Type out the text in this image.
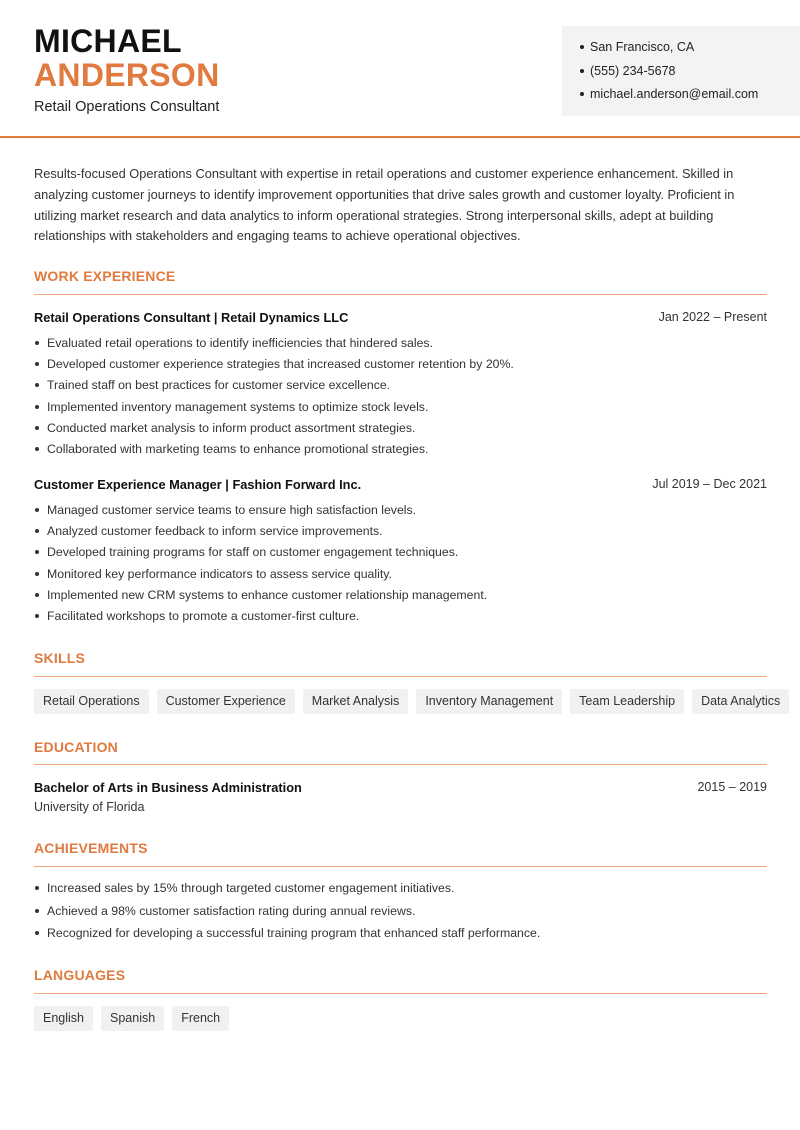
MICHAEL
ANDERSON
Retail Operations Consultant
San Francisco, CA
(555) 234-5678
michael.anderson@email.com

Results-focused Operations Consultant with expertise in retail operations and customer experience enhancement. Skilled in analyzing customer journeys to identify improvement opportunities that drive sales growth and customer loyalty. Proficient in utilizing market research and data analytics to inform operational strategies. Strong interpersonal skills, adept at building relationships with stakeholders and engaging teams to achieve operational objectives.

WORK EXPERIENCE
Retail Operations Consultant | Retail Dynamics LLC	Jan 2022 – Present
Evaluated retail operations to identify inefficiencies that hindered sales.
Developed customer experience strategies that increased customer retention by 20%.
Trained staff on best practices for customer service excellence.
Implemented inventory management systems to optimize stock levels.
Conducted market analysis to inform product assortment strategies.
Collaborated with marketing teams to enhance promotional strategies.
Customer Experience Manager | Fashion Forward Inc.	Jul 2019 – Dec 2021
Managed customer service teams to ensure high satisfaction levels.
Analyzed customer feedback to inform service improvements.
Developed training programs for staff on customer engagement techniques.
Monitored key performance indicators to assess service quality.
Implemented new CRM systems to enhance customer relationship management.
Facilitated workshops to promote a customer-first culture.
SKILLS
Retail Operations	Customer Experience	Market Analysis	Inventory Management	Team Leadership	Data Analytics
EDUCATION
Bachelor of Arts in Business Administration	2015 – 2019
University of Florida
ACHIEVEMENTS
Increased sales by 15% through targeted customer engagement initiatives.
Achieved a 98% customer satisfaction rating during annual reviews.
Recognized for developing a successful training program that enhanced staff performance.
LANGUAGES
English	Spanish	French
